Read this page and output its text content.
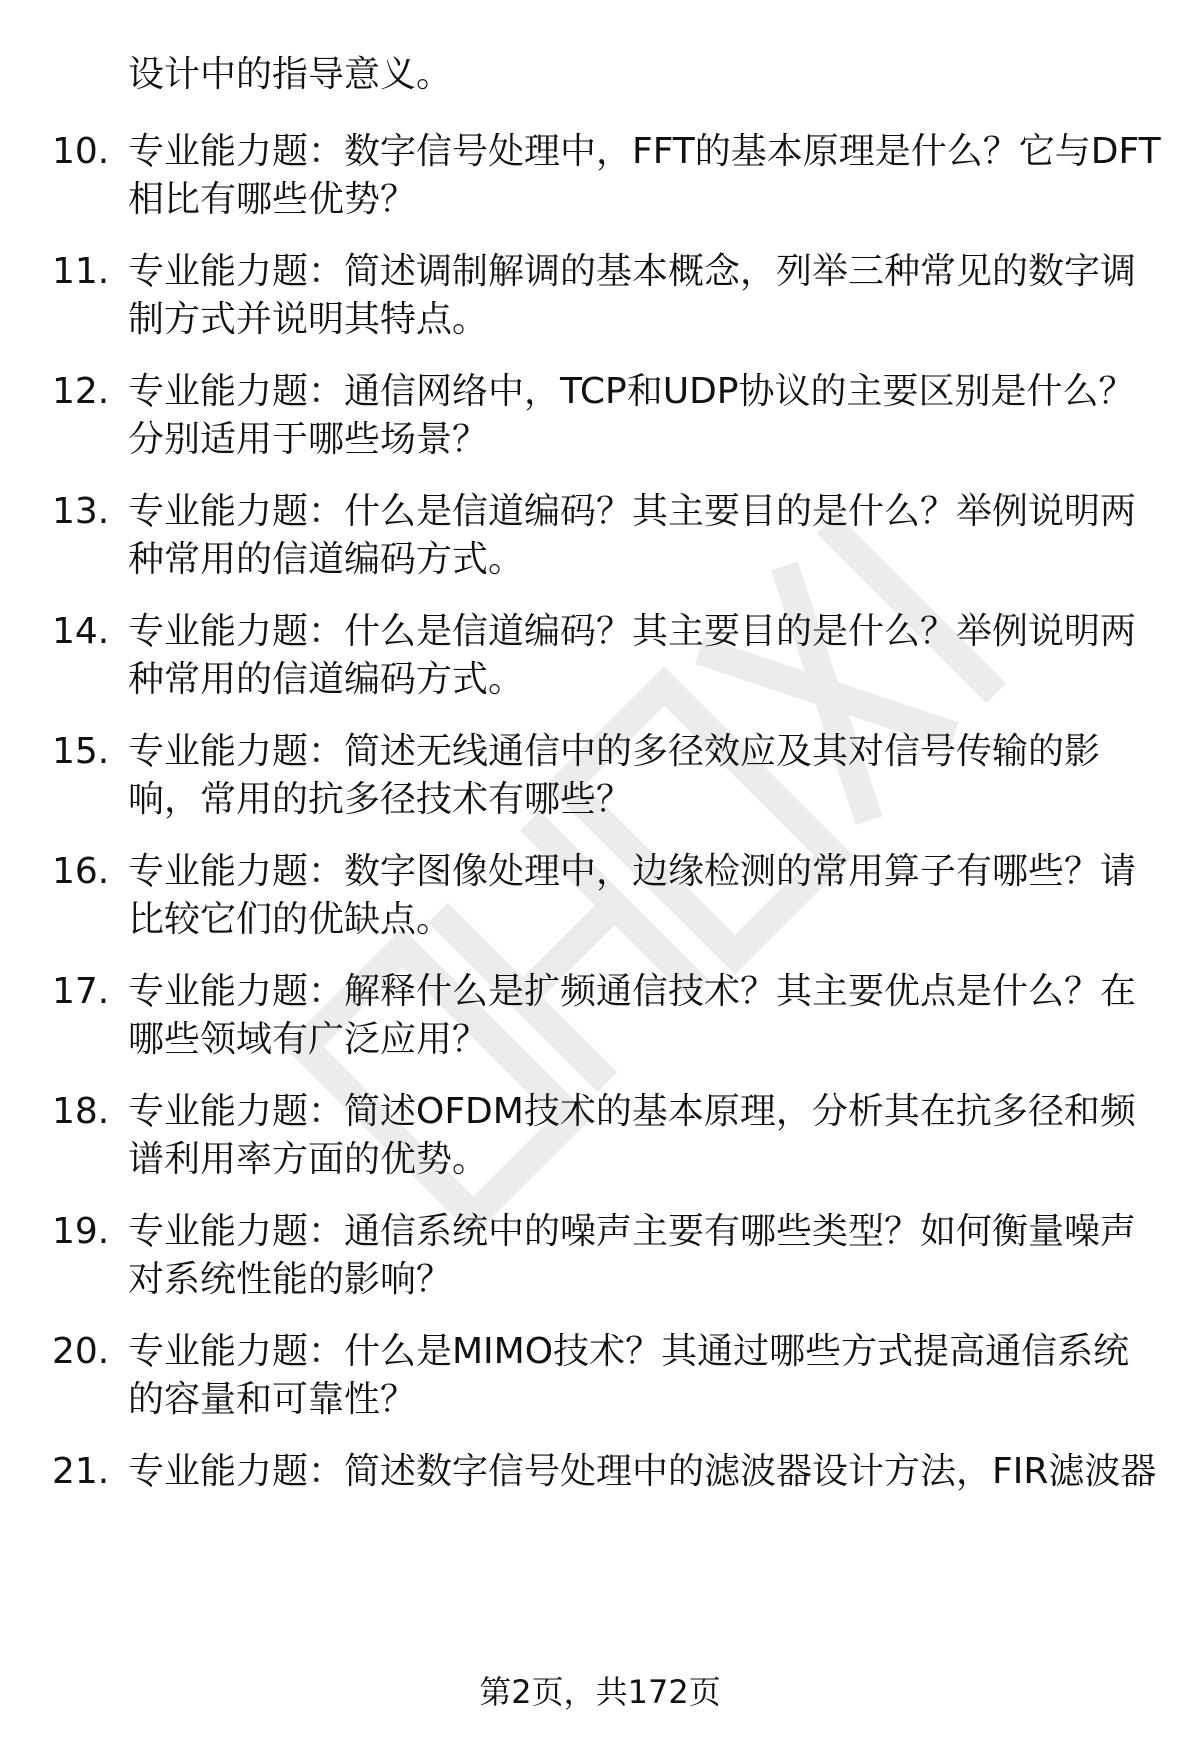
设计中的指导意义。
10. 专业能力题：数字信号处理中，FFT的基本原理是什么？它与DFT
相比有哪些优势？
11. 专业能力题：简述调制解调的基本概念，列举三种常见的数字调
制方式并说明其特点。
12. 专业能力题：通信网络中，TCP和UDP协议的主要区别是什么？
分别适用于哪些场景？
13. 专业能力题：什么是信道编码？其主要目的是什么？举例说明两
种常用的信道编码方式。
14. 专业能力题：什么是信道编码？其主要目的是什么？举例说明两
种常用的信道编码方式。
15. 专业能力题：简述无线通信中的多径效应及其对信号传输的影
响，常用的抗多径技术有哪些？
16. 专业能力题：数字图像处理中，边缘检测的常用算子有哪些？请
比较它们的优缺点。
17. 专业能力题：解释什么是扩频通信技术？其主要优点是什么？在
哪些领域有广泛应用？
18. 专业能力题：简述OFDM技术的基本原理，分析其在抗多径和频
谱利用率方面的优势。
19. 专业能力题：通信系统中的噪声主要有哪些类型？如何衡量噪声
对系统性能的影响？
20. 专业能力题：什么是MIMO技术？其通过哪些方式提高通信系统
的容量和可靠性？
21. 专业能力题：简述数字信号处理中的滤波器设计方法，FIR滤波器
第2页，共172页
